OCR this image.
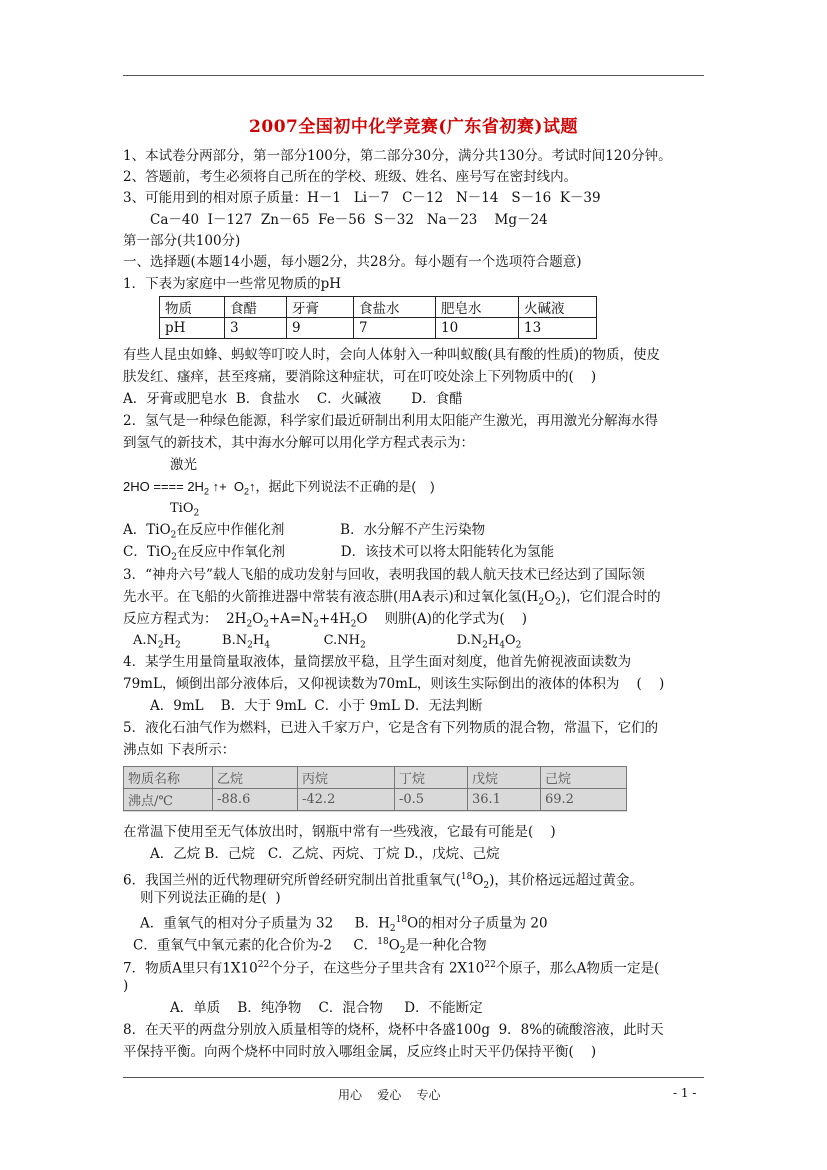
2007全国初中化学竞赛(广东省初赛)试题
1、本试卷分两部分，第一部分100分，第二部分30分，满分共130分。考试时间120分钟。
2、答题前，考生必须将自己所在的学校、班级、姓名、座号写在密封线内。
3、可能用到的相对原子质量：H－1   Li－7   C－12   N－14   S－16  K－39
Ca－40  I－127  Zn－65  Fe－56  S－32   Na－23    Mg－24
第一部分(共100分)
一、选择题(本题14小题，每小题2分，共28分。每小题有一个选项符合题意)
1．下表为家庭中一些常见物质的pH
物质	食醋	牙膏	食盐水	肥皂水	火碱液
pH	3	9	7	10	13
有些人昆虫如蜂、蚂蚁等叮咬人时，会向人体射入一种叫蚁酸(具有酸的性质)的物质，使皮
肤发红、瘙痒，甚至疼痛，要消除这种症状，可在叮咬处涂上下列物质中的(    )
A．牙膏或肥皂水  B．食盐水    C．火碱液       D．食醋
2．氢气是一种绿色能源，科学家们最近研制出利用太阳能产生激光，再用激光分解海水得
到氢气的新技术，其中海水分解可以用化学方程式表示为：
激光
2HO ==== $2H_2$ ↑+  $O_2↑$，据此下列说法不正确的是(    )
TiO$_2$
A．TiO$_2$在反应中作催化剂	B．水分解不产生污染物
C．TiO$_2$在反应中作氧化剂	D．该技术可以将太阳能转化为氢能
3．“神舟六号”载人飞船的成功发射与回收，表明我国的载人航天技术已经达到了国际领
先水平。在飞船的火箭推进器中常装有液态肼(用A表示)和过氧化氢$(H_2O_2)$，它们混合时的
反应方程式为：  $2H_2O_2+A=N_2+4H_2O$    则肼(A)的化学式为(    )
$A.N_2H_2$	$B.N_2H_4$	$C.NH_2$	$D.N_2H_4O_2$
4．某学生用量筒量取液体，量筒摆放平稳，且学生面对刻度，他首先俯视液面读数为
79mL，倾倒出部分液体后，又仰视读数为70mL，则该生实际倒出的液体的体积为    (    )
A．9mL    B．大于 9mL  C．小于 9mL D．无法判断
5．液化石油气作为燃料，已进入千家万户，它是含有下列物质的混合物，常温下，它们的
沸点如 下表所示：
物质名称	乙烷	丙烷	丁烷	戊烷	己烷
沸点/℃	-88.6	-42.2	-0.5	36.1	69.2
在常温下使用至无气体放出时，钢瓶中常有一些残液，它最有可能是(    )
A．乙烷 B．己烷   C．乙烷、丙烷、丁烷 D.，戊烷、己烷
6．我国兰州的近代物理研究所曾经研究制出首批重氧气$(^{18}O_2)$，其价格远远超过黄金。
则下列说法正确的是(  )
A．重氧气的相对分子质量为 32     B．$H_2^{18}O$的相对分子质量为 20
C．重氧气中氧元素的化合价为-2     C．$^{18}O_2$是一种化合物
7．物质A里只有$1X10^{22}$个分子，在这些分子里共含有 $2X10^{22}$个原子，那么A物质一定是(
)
A．单质    B．纯净物    C．混合物     D．不能断定
8．在天平的两盘分别放入质量相等的烧杯，烧杯中各盛100g  9．8%的硫酸溶液，此时天
平保持平衡。向两个烧杯中同时放入哪组金属，反应终止时天平仍保持平衡(    )
用心    爱心    专心	- 1 -
